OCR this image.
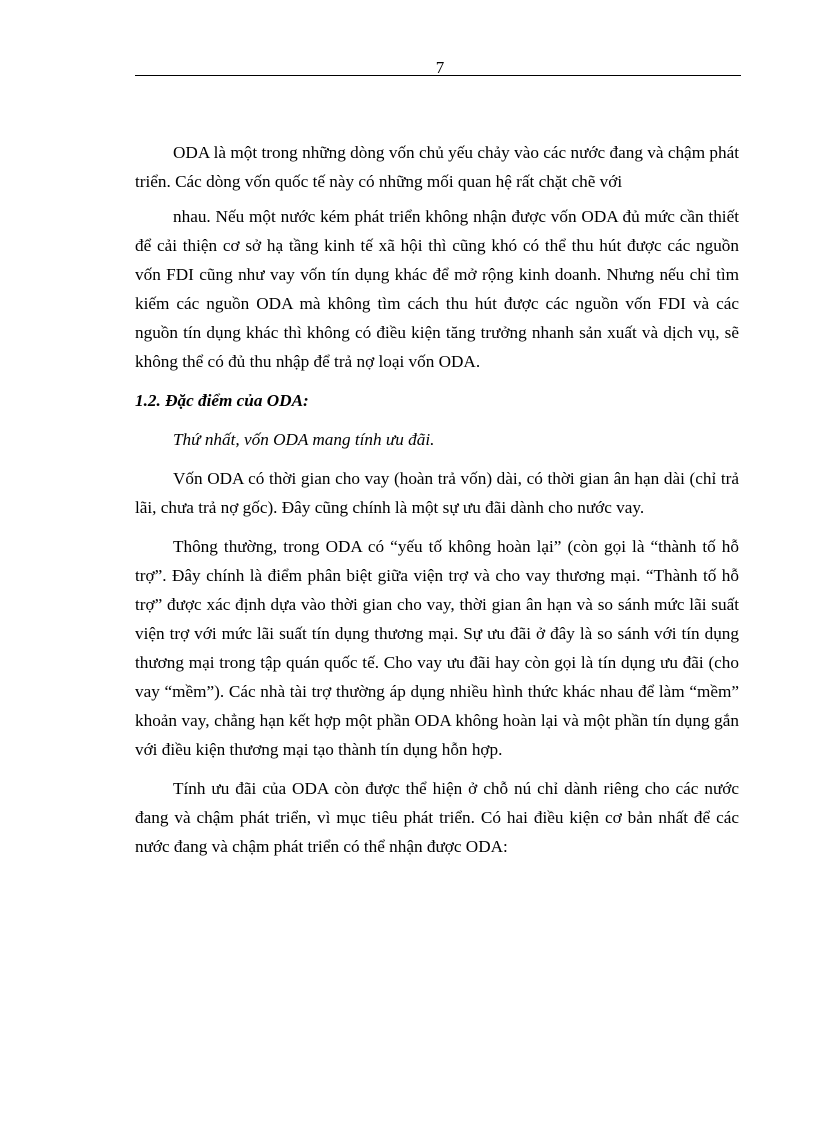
7

ODA là một trong những dòng vốn chủ yếu chảy vào các nước đang và chậm phát triển. Các dòng vốn quốc tế này có những mối quan hệ rất chặt chẽ với

nhau. Nếu một nước kém phát triển không nhận được vốn ODA đủ mức cần thiết để cải thiện cơ sở hạ tầng kinh tế xã hội thì cũng khó có thể thu hút được các nguồn vốn FDI cũng như vay vốn tín dụng khác để mở rộng kinh doanh. Nhưng nếu chỉ tìm kiếm các nguồn ODA mà không tìm cách thu hút được các nguồn vốn FDI và các nguồn tín dụng khác thì không có điều kiện tăng trưởng nhanh sản xuất và dịch vụ, sẽ không thể có đủ thu nhập để trả nợ loại vốn ODA.

1.2. Đặc điểm của ODA:

Thứ nhất, vốn ODA mang tính ưu đãi.

Vốn ODA có thời gian cho vay (hoàn trả vốn) dài, có thời gian ân hạn dài (chỉ trả lãi, chưa trả nợ gốc). Đây cũng chính là một sự ưu đãi dành cho nước vay.

Thông thường, trong ODA có “yếu tố không hoàn lại” (còn gọi là “thành tố hỗ trợ”. Đây chính là điểm phân biệt giữa viện trợ và cho vay thương mại. “Thành tố hỗ trợ” được xác định dựa vào thời gian cho vay, thời gian ân hạn và so sánh mức lãi suất viện trợ với mức lãi suất tín dụng thương mại. Sự ưu đãi ở đây là so sánh với tín dụng thương mại trong tập quán quốc tế. Cho vay ưu đãi hay còn gọi là tín dụng ưu đãi (cho vay “mềm”). Các nhà tài trợ thường áp dụng nhiều hình thức khác nhau để làm “mềm” khoản vay, chẳng hạn kết hợp một phần ODA không hoàn lại và một phần tín dụng gắn với điều kiện thương mại tạo thành tín dụng hỗn hợp.

Tính ưu đãi của ODA còn được thể hiện ở chỗ nú chỉ dành riêng cho các nước đang và chậm phát triển, vì mục tiêu phát triển. Có hai điều kiện cơ bản nhất để các nước đang và chậm phát triển có thể nhận được ODA:
